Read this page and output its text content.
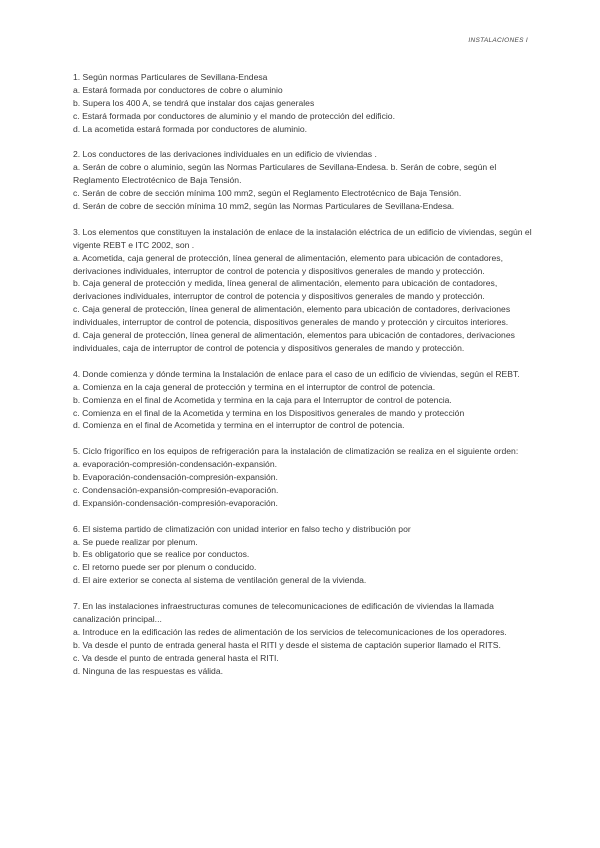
INSTALACIONES I

1. Según normas Particulares de Sevillana-Endesa

a. Estará formada por conductores de cobre o aluminio

b. Supera los 400 A, se tendrá que instalar dos cajas generales

c. Estará formada por conductores de aluminio y el mando de protección del edificio.

d. La acometida estará formada por conductores de aluminio.

2. Los conductores de las derivaciones individuales en un edificio de viviendas .

a. Serán de cobre o aluminio, según las Normas Particulares de Sevillana-Endesa. b. Serán de cobre, según el Reglamento Electrotécnico de Baja Tensión.

c. Serán de cobre de sección mínima 100 mm2, según el Reglamento Electrotécnico de Baja Tensión.

d. Serán de cobre de sección mínima 10 mm2, según las Normas Particulares de Sevillana-Endesa.

3. Los elementos que constituyen la instalación de enlace de la instalación eléctrica de un edificio de viviendas, según el vigente REBT e ITC 2002, son .

a. Acometida, caja general de protección, línea general de alimentación, elemento para ubicación de contadores, derivaciones individuales, interruptor de control de potencia y dispositivos generales de mando y protección.

b. Caja general de protección y medida, línea general de alimentación, elemento para ubicación de contadores, derivaciones individuales, interruptor de control de potencia y dispositivos generales de mando y protección.

c. Caja general de protección, línea general de alimentación, elemento para ubicación de contadores, derivaciones individuales, interruptor de control de potencia, dispositivos generales de mando y protección y circuitos interiores.

d. Caja general de protección, línea general de alimentación, elementos para ubicación de contadores, derivaciones individuales, caja de interruptor de control de potencia y dispositivos generales de mando y protección.

4. Donde comienza y dónde termina la Instalación de enlace para el caso de un edificio de viviendas, según el REBT.

a. Comienza en la caja general de protección y termina en el interruptor de control de potencia.

b. Comienza en el final de Acometida y termina en la caja para el Interruptor de control de potencia.

c. Comienza en el final de la Acometida y termina en los Dispositivos generales de mando y protección

d. Comienza en el final de Acometida y termina en el interruptor de control de potencia.

5. Ciclo frigorífico en los equipos de refrigeración para la instalación de climatización se realiza en el siguiente orden:

a. evaporación-compresión-condensación-expansión.

b. Evaporación-condensación-compresión-expansión.

c. Condensación-expansión-compresión-evaporación.

d. Expansión-condensación-compresión-evaporación.

6. El sistema partido de climatización con unidad interior en falso techo y distribución por

a. Se puede realizar por plenum.

b. Es obligatorio que se realice por conductos.

c. El retorno puede ser por plenum o conducido.

d. El aire exterior se conecta al sistema de ventilación general de la vivienda.

7. En las instalaciones infraestructuras comunes de telecomunicaciones de edificación de viviendas la llamada canalización principal...

a. Introduce en la edificación las redes de alimentación de los servicios de telecomunicaciones de los operadores.

b. Va desde el punto de entrada general hasta el RITI y desde el sistema de captación superior llamado el RITS.

c. Va desde el punto de entrada general hasta el RITI.

d. Ninguna de las respuestas es válida.
